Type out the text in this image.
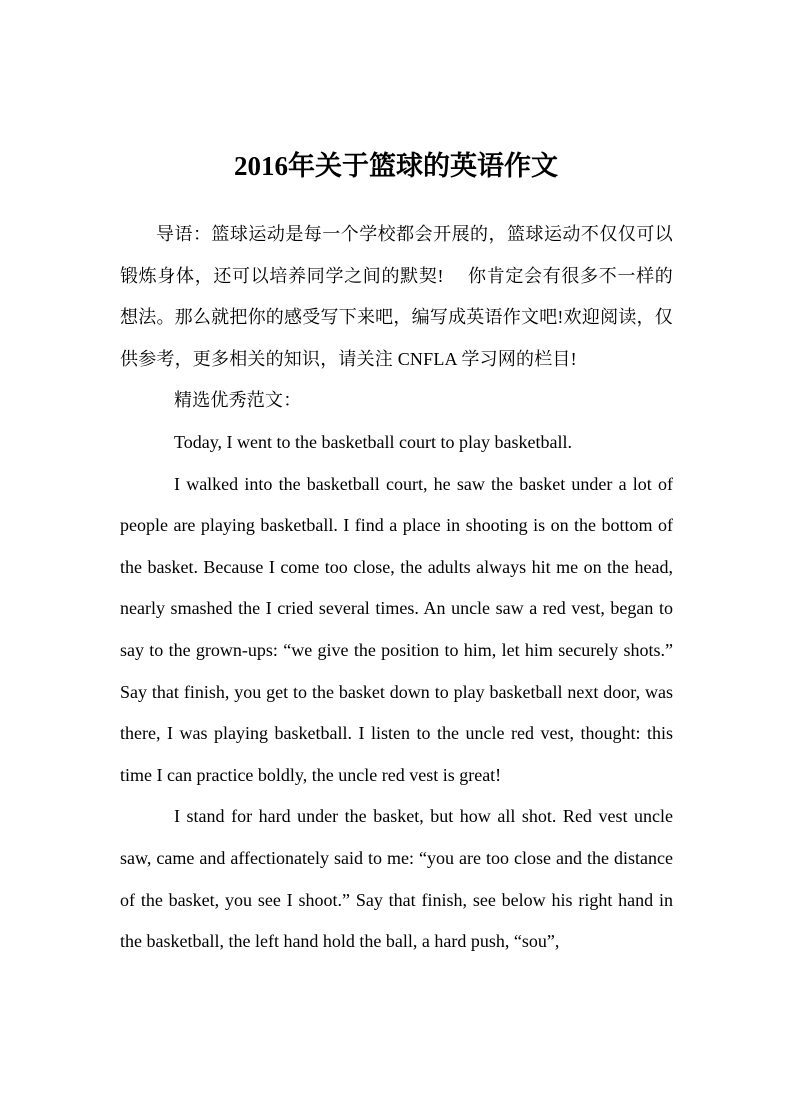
2016年关于篮球的英语作文

导语：篮球运动是每一个学校都会开展的，篮球运动不仅仅可以锻炼身体，还可以培养同学之间的默契!　 你肯定会有很多不一样的想法。那么就把你的感受写下来吧，编写成英语作文吧!欢迎阅读，仅供参考，更多相关的知识，请关注 CNFLA 学习网的栏目!

精选优秀范文：

Today, I went to the basketball court to play basketball.

I walked into the basketball court, he saw the basket under a lot of people are playing basketball. I find a place in shooting is on the bottom of the basket. Because I come too close, the adults always hit me on the head, nearly smashed the I cried several times. An uncle saw a red vest, began to say to the grown-ups: “we give the position to him, let him securely shots.” Say that finish, you get to the basket down to play basketball next door, was there, I was playing basketball. I listen to the uncle red vest, thought: this time I can practice boldly, the uncle red vest is great!

I stand for hard under the basket, but how all shot. Red vest uncle saw, came and affectionately said to me: “you are too close and the distance of the basket, you see I shoot.” Say that finish, see below his right hand in the basketball, the left hand hold the ball, a hard push, “sou”,
